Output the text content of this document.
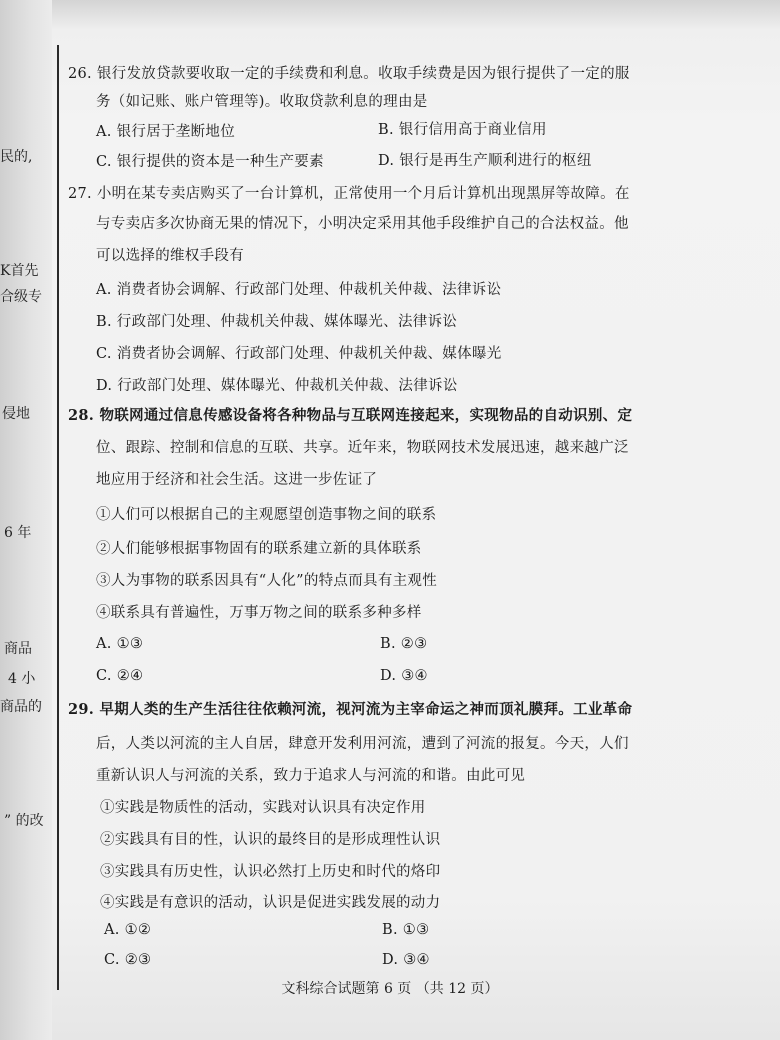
民的,
K首先
合级专
侵地
6 年
商品
4 小
商品的
” 的改
26. 银行发放贷款要收取一定的手续费和利息。收取手续费是因为银行提供了一定的服
务（如记账、账户管理等)。收取贷款利息的理由是
A. 银行居于垄断地位	B. 银行信用高于商业信用
C. 银行提供的资本是一种生产要素	D. 银行是再生产顺利进行的枢纽
27. 小明在某专卖店购买了一台计算机，正常使用一个月后计算机出现黑屏等故障。在
与专卖店多次协商无果的情况下，小明决定采用其他手段维护自己的合法权益。他
可以选择的维权手段有
A. 消费者协会调解、行政部门处理、仲裁机关仲裁、法律诉讼
B. 行政部门处理、仲裁机关仲裁、媒体曝光、法律诉讼
C. 消费者协会调解、行政部门处理、仲裁机关仲裁、媒体曝光
D. 行政部门处理、媒体曝光、仲裁机关仲裁、法律诉讼
28. 物联网通过信息传感设备将各种物品与互联网连接起来，实现物品的自动识别、定
位、跟踪、控制和信息的互联、共享。近年来，物联网技术发展迅速，越来越广泛
地应用于经济和社会生活。这进一步佐证了
①人们可以根据自己的主观愿望创造事物之间的联系
②人们能够根据事物固有的联系建立新的具体联系
③人为事物的联系因具有“人化”的特点而具有主观性
④联系具有普遍性，万事万物之间的联系多种多样
A. ①③	B. ②③
C. ②④	D. ③④
29. 早期人类的生产生活往往依赖河流，视河流为主宰命运之神而顶礼膜拜。工业革命
后，人类以河流的主人自居，肆意开发利用河流，遭到了河流的报复。今天，人们
重新认识人与河流的关系，致力于追求人与河流的和谐。由此可见
①实践是物质性的活动，实践对认识具有决定作用
②实践具有目的性，认识的最终目的是形成理性认识
③实践具有历史性，认识必然打上历史和时代的烙印
④实践是有意识的活动，认识是促进实践发展的动力
A. ①②	B. ①③
C. ②③	D. ③④
文科综合试题第 6 页 （共 12 页）
